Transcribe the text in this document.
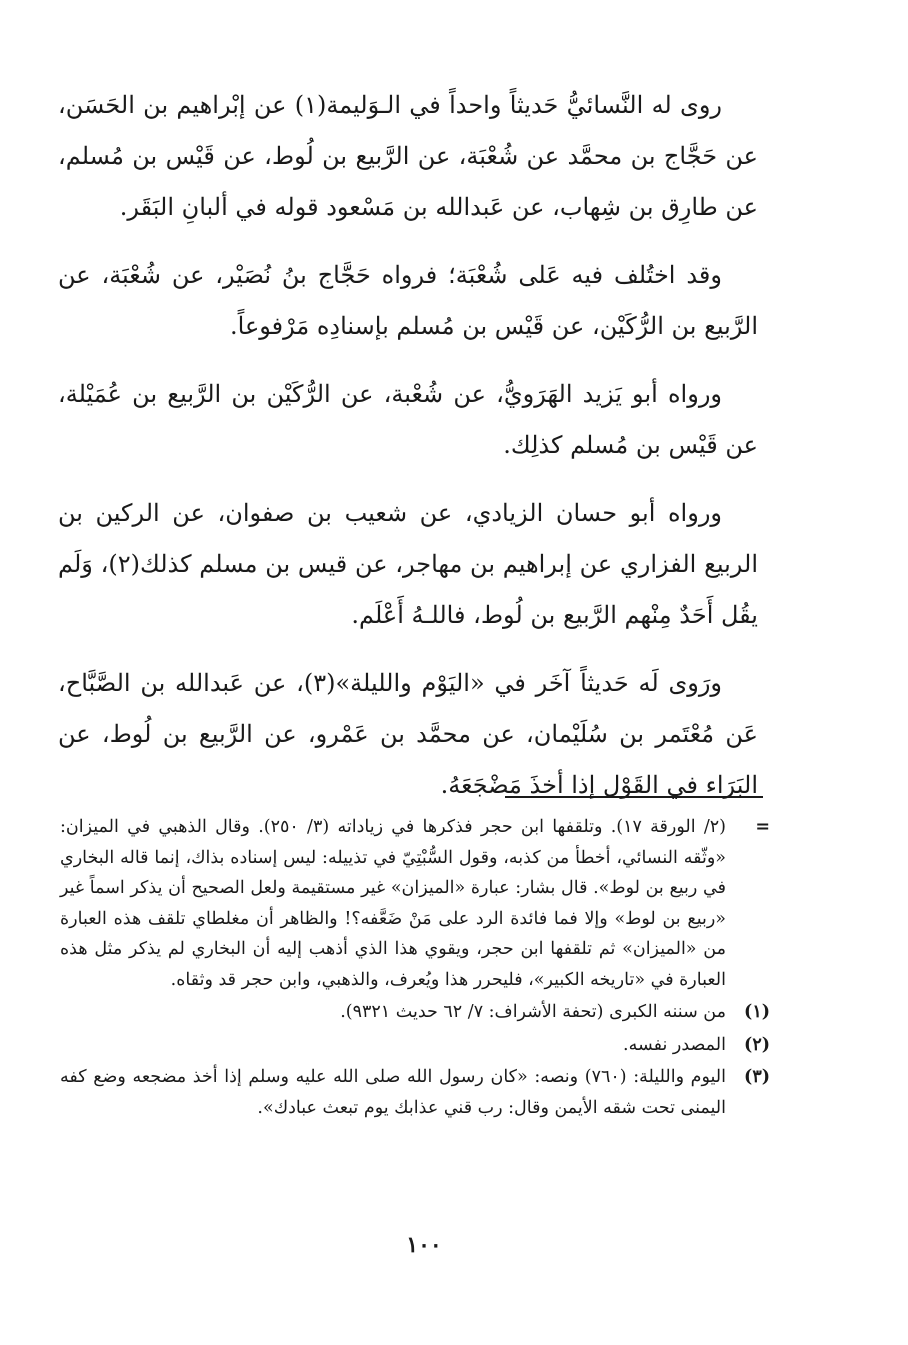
روى له النَّسائيُّ حَديثاً واحداً في الـوَليمة(١) عن إبْراهيم بن الحَسَن، عن حَجَّاج بن محمَّد عن شُعْبَة، عن الرَّبيع بن لُوط، عن قَيْس بن مُسلم، عن طارِق بن شِهاب، عن عَبدالله بن مَسْعود قوله في ألبانِ البَقَر.

وقد اختُلف فيه عَلى شُعْبَة؛ فرواه حَجَّاج بنُ نُصَيْر، عن شُعْبَة، عن الرَّبيع بن الرُّكَيْن، عن قَيْس بن مُسلم بإسنادِه مَرْفوعاً.

ورواه أبو يَزيد الهَرَويُّ، عن شُعْبة، عن الرُّكَيْن بن الرَّبيع بن عُمَيْلة، عن قَيْس بن مُسلم كذلِك.

ورواه أبو حسان الزيادي، عن شعيب بن صفوان، عن الركين بن الربيع الفزاري عن إبراهيم بن مهاجر، عن قيس بن مسلم كذلك(٢)، وَلَم يقُل أَحَدٌ مِنْهم الرَّبيع بن لُوط، فاللـهُ أَعْلَم.

ورَوى لَه حَديثاً آخَر في «اليَوْم والليلة»(٣)، عن عَبدالله بن الصَّبَّاح، عَن مُعْتَمر بن سُلَيْمان، عن محمَّد بن عَمْرو، عن الرَّبيع بن لُوط، عن البَرَاء في القَوْل إذا أخذَ مَضْجَعَهُ.

=
(٢/ الورقة ١٧). وتلقفها ابن حجر فذكرها في زياداته (٣/ ٢٥٠). وقال الذهبي في الميزان: «وثّقه النسائي، أخطأ من كذبه، وقول السُّبْتِيّ في تذييله: ليس إسناده بذاك، إنما قاله البخاري في ربيع بن لوط». قال بشار: عبارة «الميزان» غير مستقيمة ولعل الصحيح أن يذكر اسماً غير «ربيع بن لوط» وإلا فما فائدة الرد على مَنْ ضَعَّفه؟! والظاهر أن مغلطاي تلقف هذه العبارة من «الميزان» ثم تلقفها ابن حجر، ويقوي هذا الذي أذهب إليه أن البخاري لم يذكر مثل هذه العبارة في «تاريخه الكبير»، فليحرر هذا ويُعرف، والذهبي، وابن حجر قد وثقاه.
(١)
من سننه الكبرى (تحفة الأشراف: ٧/ ٦٢ حديث ٩٣٢١).
(٢)
المصدر نفسه.
(٣)
اليوم والليلة: (٧٦٠) ونصه: «كان رسول الله صلى الله عليه وسلم إذا أخذ مضجعه وضع كفه اليمنى تحت شقه الأيمن وقال: رب قني عذابك يوم تبعث عبادك».
١٠٠
